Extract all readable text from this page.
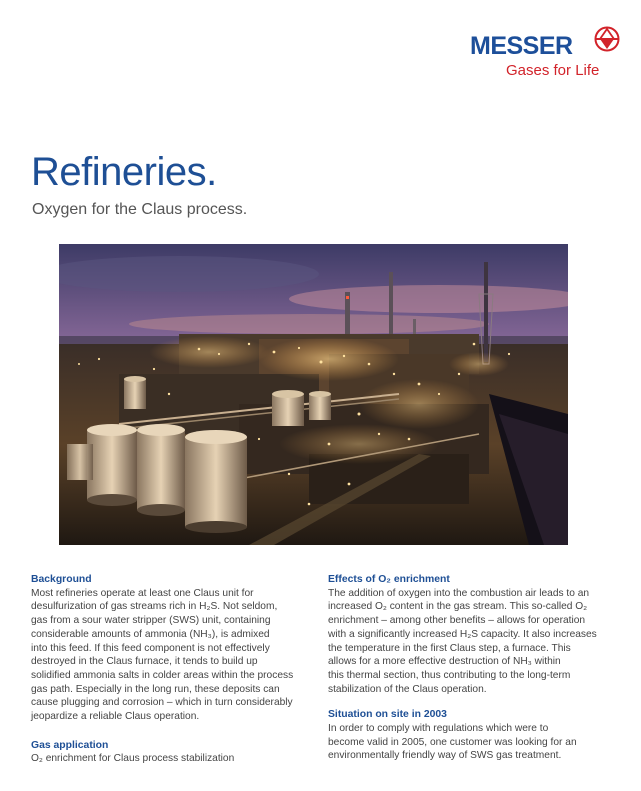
MESSER
Gases for Life
Refineries.
Oxygen for the Claus process.

Background

Most refineries operate at least one Claus unit for

desulfurization of gas streams rich in H₂S. Not seldom,

gas from a sour water stripper (SWS) unit, containing

considerable amounts of ammonia (NH₃), is admixed

into this feed. If this feed component is not effectively

destroyed in the Claus furnace, it tends to build up

solidified ammonia salts in colder areas within the process

gas path. Especially in the long run, these deposits can

cause plugging and corrosion – which in turn considerably

jeopardize a reliable Claus operation.

Gas application

O₂ enrichment for Claus process stabilization

Effects of O₂ enrichment

The addition of oxygen into the combustion air leads to an

increased O₂ content in the gas stream. This so-called O₂

enrichment – among other benefits – allows for operation

with a significantly increased H₂S capacity. It also increases

the temperature in the first Claus step, a furnace. This

allows for a more effective destruction of NH₃ within

this thermal section, thus contributing to the long-term

stabilization of the Claus operation.

Situation on site in 2003

In order to comply with regulations which were to

become valid in 2005, one customer was looking for an

environmentally friendly way of SWS gas treatment.
